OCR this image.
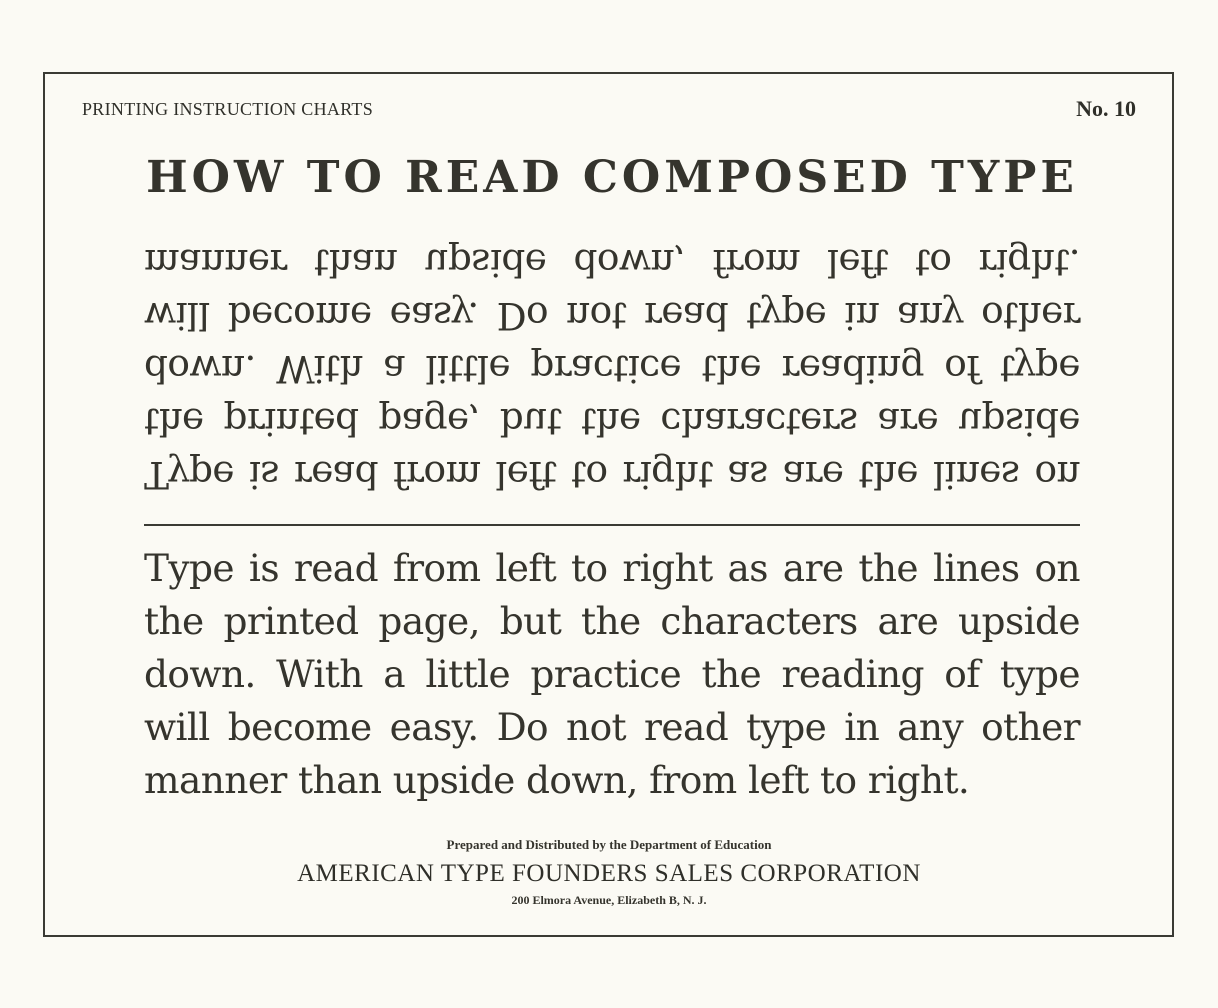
PRINTING INSTRUCTION CHARTS	No. 10
HOW TO READ COMPOSED TYPE
Type is read from left to right as are the lines on
the printed page, but the characters are upside
down. With a little practice the reading of type
will become easy. Do not read type in any other
manner than upside down, from left to right.
Type is read from left to right as are the lines on
the printed page, but the characters are upside
down. With a little practice the reading of type
will become easy. Do not read type in any other
manner than upside down, from left to right.
Prepared and Distributed by the Department of Education
AMERICAN TYPE FOUNDERS SALES CORPORATION
200 Elmora Avenue, Elizabeth B, N. J.
